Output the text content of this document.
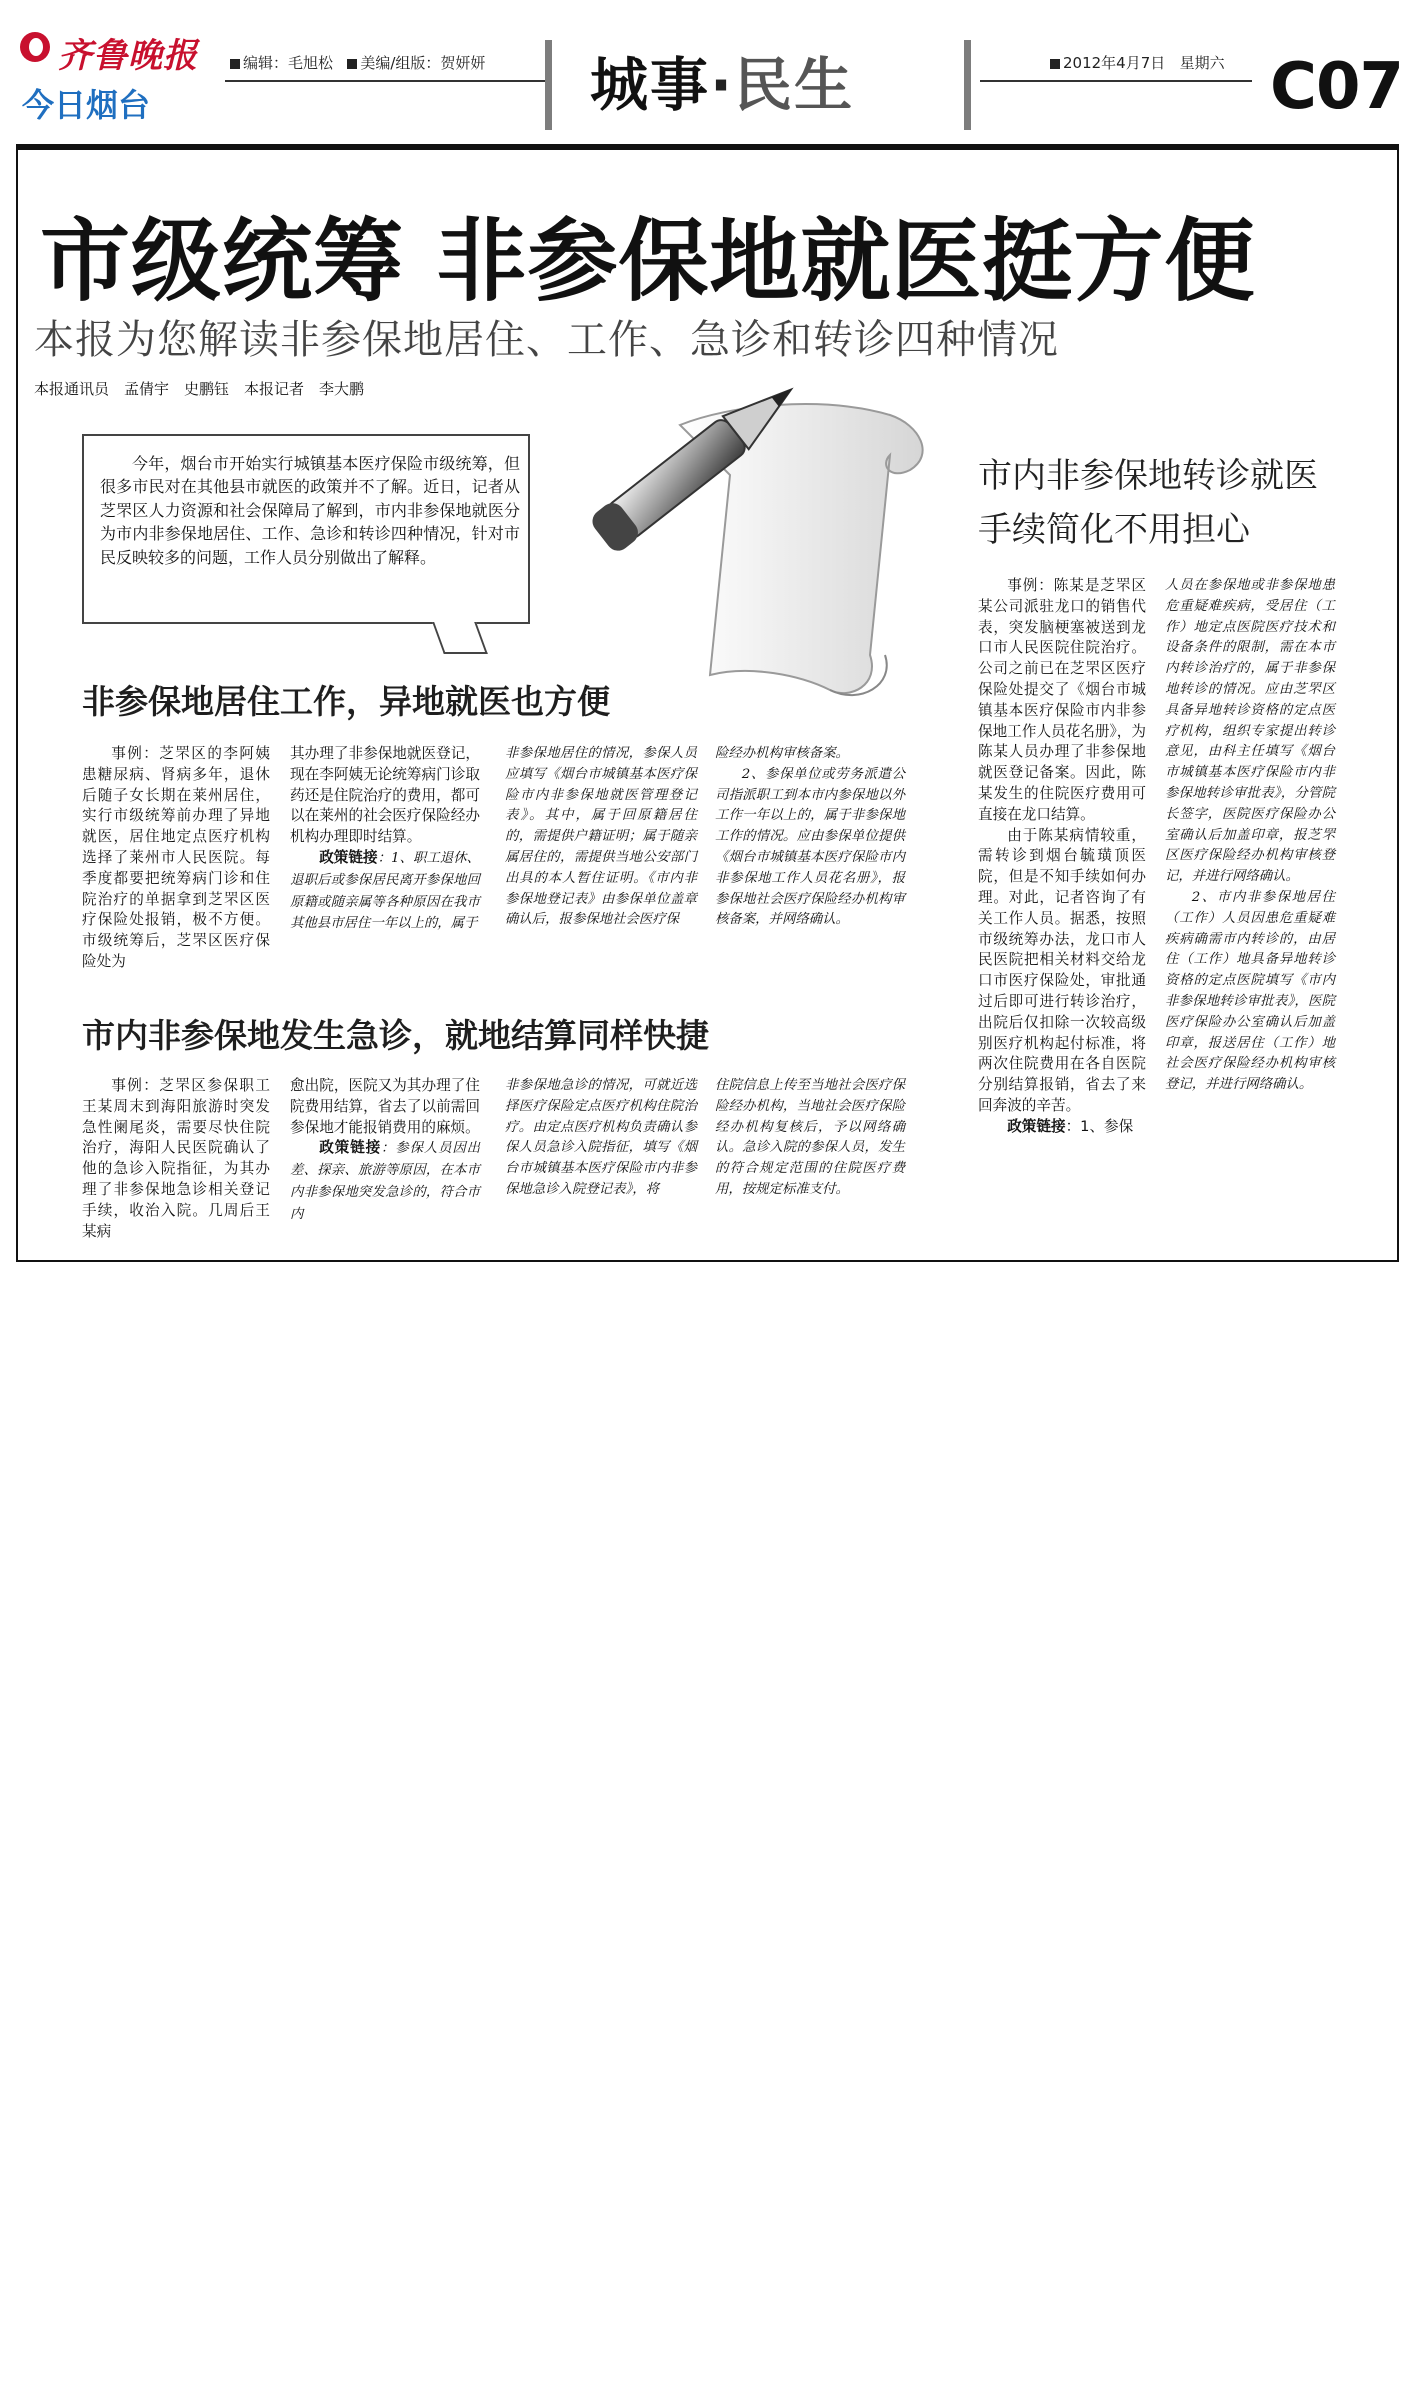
齐鲁晚报
今日烟台
编辑：毛旭松 美编/组版：贺妍妍 城事·民生	2012年4月7日 星期六 C07
市级统筹 非参保地就医挺方便
本报为您解读非参保地居住、工作、急诊和转诊四种情况
本报通讯员　孟倩宇　史鹏钰　本报记者　李大鹏
今年，烟台市开始实行城镇基本医疗保险市级统筹，但很多市民对在其他县市就医的政策并不了解。近日，记者从芝罘区人力资源和社会保障局了解到，市内非参保地就医分为市内非参保地居住、工作、急诊和转诊四种情况，针对市民反映较多的问题，工作人员分别做出了解释。
非参保地居住工作，异地就医也方便
事例：芝罘区的李阿姨患糖尿病、肾病多年，退休后随子女长期在莱州居住，实行市级统筹前办理了异地就医，居住地定点医疗机构选择了莱州市人民医院。每季度都要把统筹病门诊和住院治疗的单据拿到芝罘区医疗保险处报销，极不方便。市级统筹后，芝罘区医疗保险处为
其办理了非参保地就医登记，现在李阿姨无论统筹病门诊取药还是住院治疗的费用，都可以在莱州的社会医疗保险经办机构办理即时结算。
政策链接：1、职工退休、退职后或参保居民离开参保地回原籍或随亲属等各种原因在我市其他县市居住一年以上的，属于
非参保地居住的情况，参保人员应填写《烟台市城镇基本医疗保险市内非参保地就医管理登记表》。其中，属于回原籍居住的，需提供户籍证明；属于随亲属居住的，需提供当地公安部门出具的本人暂住证明。《市内非参保地登记表》由参保单位盖章确认后，报参保地社会医疗保
险经办机构审核备案。
2、参保单位或劳务派遣公司指派职工到本市内参保地以外工作一年以上的，属于非参保地工作的情况。应由参保单位提供《烟台市城镇基本医疗保险市内非参保地工作人员花名册》，报参保地社会医疗保险经办机构审核备案，并网络确认。
市内非参保地发生急诊，就地结算同样快捷
事例：芝罘区参保职工王某周末到海阳旅游时突发急性阑尾炎，需要尽快住院治疗，海阳人民医院确认了他的急诊入院指征，为其办理了非参保地急诊相关登记手续，收治入院。几周后王某病
愈出院，医院又为其办理了住院费用结算，省去了以前需回参保地才能报销费用的麻烦。
政策链接：参保人员因出差、探亲、旅游等原因，在本市内非参保地突发急诊的，符合市内
非参保地急诊的情况，可就近选择医疗保险定点医疗机构住院治疗。由定点医疗机构负责确认参保人员急诊入院指征，填写《烟台市城镇基本医疗保险市内非参保地急诊入院登记表》，将
住院信息上传至当地社会医疗保险经办机构，当地社会医疗保险经办机构复核后，予以网络确认。急诊入院的参保人员，发生的符合规定范围的住院医疗费用，按规定标准支付。
市内非参保地转诊就医
手续简化不用担心
事例：陈某是芝罘区某公司派驻龙口的销售代表，突发脑梗塞被送到龙口市人民医院住院治疗。公司之前已在芝罘区医疗保险处提交了《烟台市城镇基本医疗保险市内非参保地工作人员花名册》，为陈某人员办理了非参保地就医登记备案。因此，陈某发生的住院医疗费用可直接在龙口结算。
由于陈某病情较重，需转诊到烟台毓璜顶医院，但是不知手续如何办理。对此，记者咨询了有关工作人员。据悉，按照市级统筹办法，龙口市人民医院把相关材料交给龙口市医疗保险处，审批通过后即可进行转诊治疗，出院后仅扣除一次较高级别医疗机构起付标准，将两次住院费用在各自医院分别结算报销，省去了来回奔波的辛苦。
政策链接：1、参保
人员在参保地或非参保地患危重疑难疾病，受居住（工作）地定点医院医疗技术和设备条件的限制，需在本市内转诊治疗的，属于非参保地转诊的情况。应由芝罘区具备异地转诊资格的定点医疗机构，组织专家提出转诊意见，由科主任填写《烟台市城镇基本医疗保险市内非参保地转诊审批表》，分管院长签字，医院医疗保险办公室确认后加盖印章，报芝罘区医疗保险经办机构审核登记，并进行网络确认。
2、市内非参保地居住（工作）人员因患危重疑难疾病确需市内转诊的，由居住（工作）地具备异地转诊资格的定点医院填写《市内非参保地转诊审批表》，医院医疗保险办公室确认后加盖印章，报送居住（工作）地社会医疗保险经办机构审核登记，并进行网络确认。
